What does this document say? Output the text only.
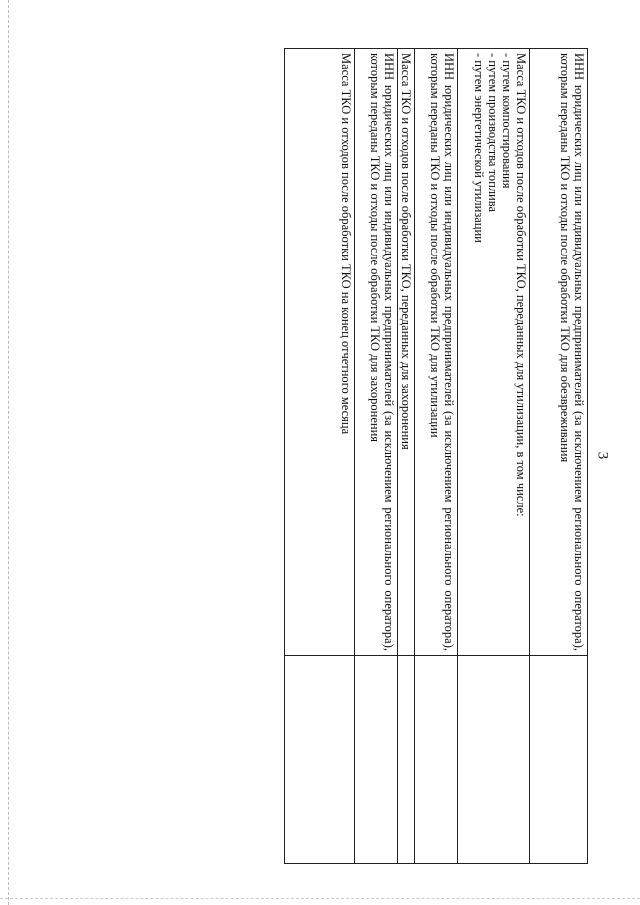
3
ИНН юридических лиц или индивидуальных предпринимателей (за исключением регионального оператора), которым переданы ТКО и отходы после обработки ТКО для обезвреживания	

Масса ТКО и отходов после обработки ТКО, переданных для утилизации, в том числе:
- путем компостирования
- путем производства топлива
- путем энергетической утилизации	

ИНН юридических лиц или индивидуальных предпринимателей (за исключением регионального оператора), которым переданы ТКО и отходы после обработки ТКО для утилизации	
Масса ТКО и отходов после обработки ТКО, переданных для захоронения	
ИНН юридических лиц или индивидуальных предпринимателей (за исключением регионального оператора), которым переданы ТКО и отходы после обработки ТКО для захоронения	
Масса ТКО и отходов после обработки ТКО на конец отчетного месяца	
